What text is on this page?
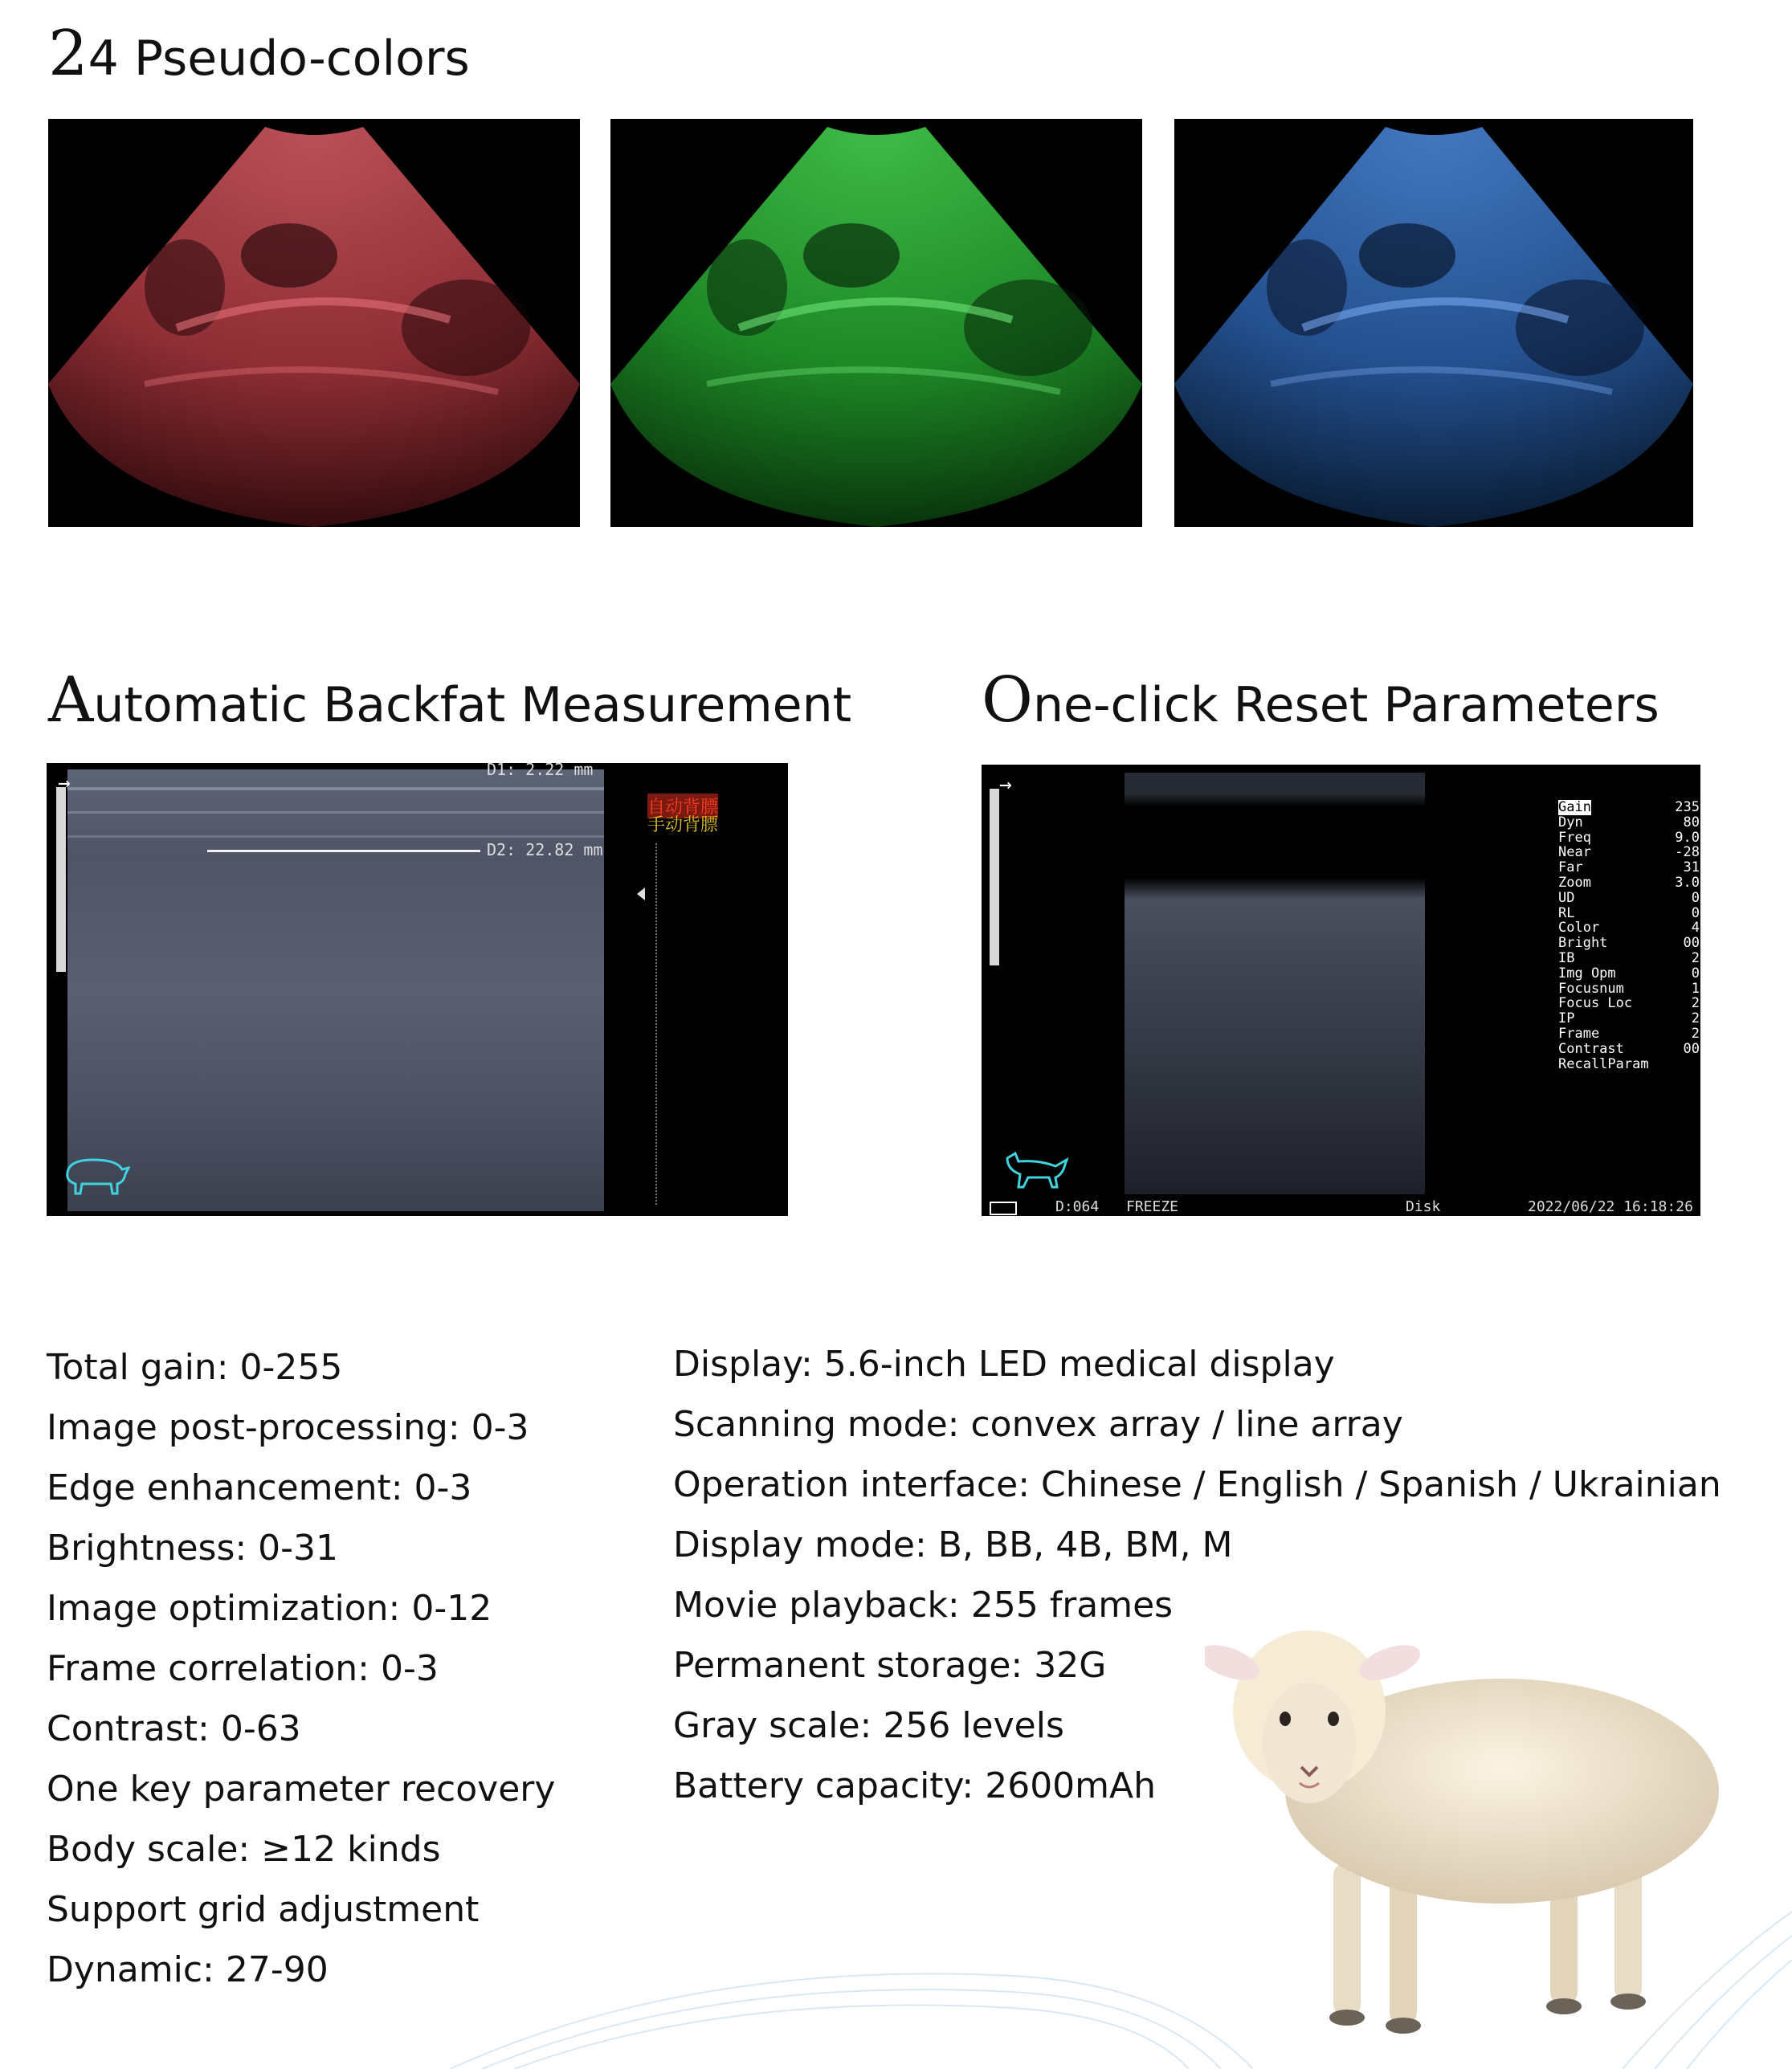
24 Pseudo-colors
Automatic Backfat Measurement One-click Reset Parameters
→
D1: 2.22 mm
D2: 22.82 mm
自动背膘
手动背膘
→
Gain	235
Dyn	80
Freq	9.0
Near	-28
Far	31
Zoom	3.0
UD	0
RL	0
Color	4
Bright	00
IB	2
Img Opm	0
Focusnum	1
Focus Loc	2
IP	2
Frame	2
Contrast	00
RecallParam
D:064 FREEZE	Disk	2022/06/22 16:18:26
Total gain: 0-255
Image post-processing: 0-3
Edge enhancement: 0-3
Brightness: 0-31
Image optimization: 0-12
Frame correlation: 0-3
Contrast: 0-63
One key parameter recovery
Body scale: ≥12 kinds
Support grid adjustment
Dynamic: 27-90
Display: 5.6-inch LED medical display
Scanning mode: convex array / line array
Operation interface: Chinese / English / Spanish / Ukrainian
Display mode: B, BB, 4B, BM, M
Movie playback: 255 frames
Permanent storage: 32G
Gray scale: 256 levels
Battery capacity: 2600mAh
